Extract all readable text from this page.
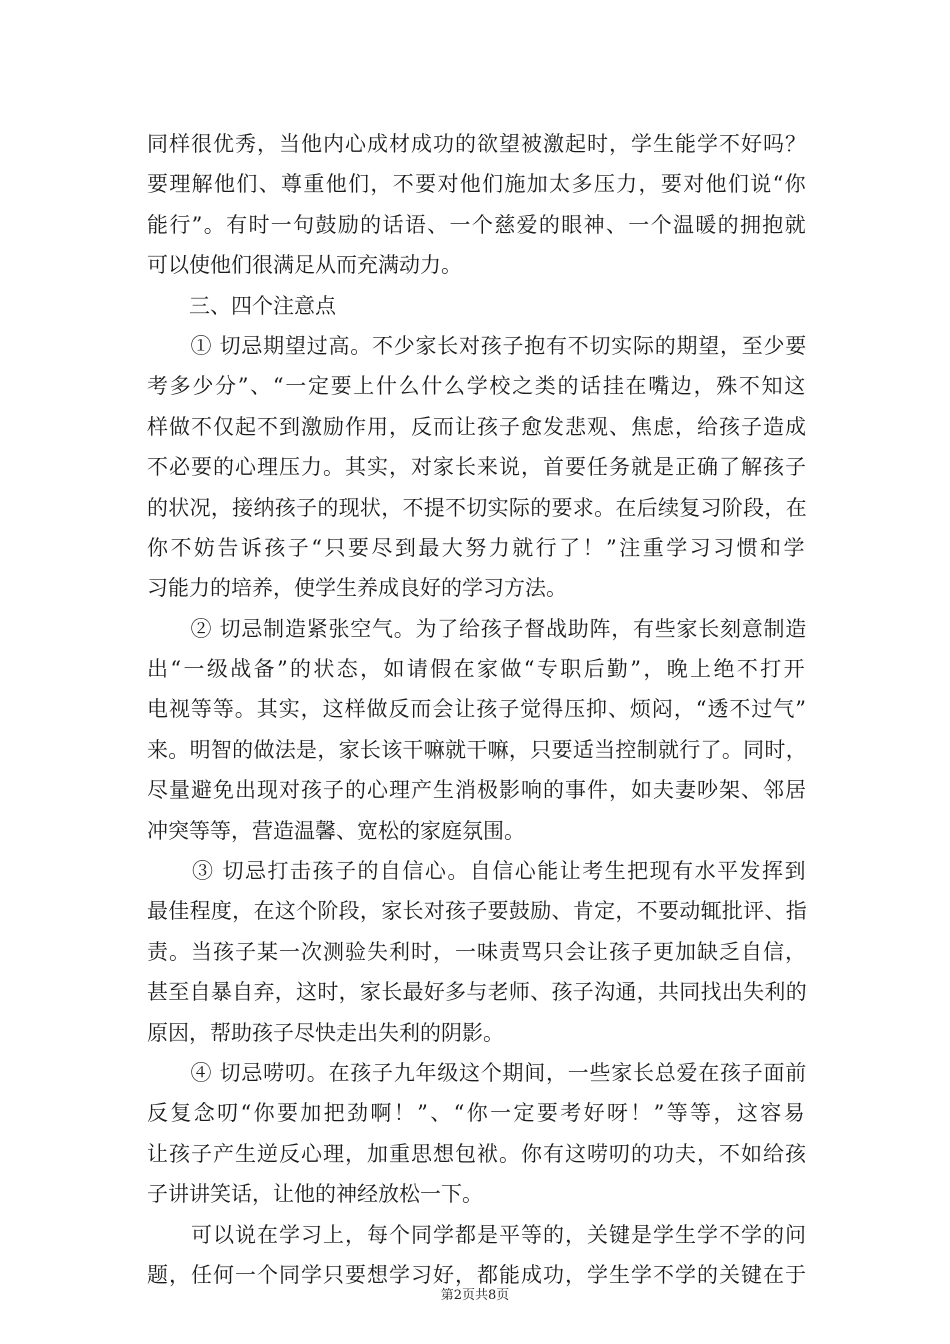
同样很优秀，当他内心成材成功的欲望被激起时，学生能学不好吗？
要理解他们、尊重他们，不要对他们施加太多压力，要对他们说“你
能行”。有时一句鼓励的话语、一个慈爱的眼神、一个温暖的拥抱就
可以使他们很满足从而充满动力。
　　三、四个注意点
　　① 切忌期望过高。不少家长对孩子抱有不切实际的期望，至少要
考多少分”、“一定要上什么什么学校之类的话挂在嘴边，殊不知这
样做不仅起不到激励作用，反而让孩子愈发悲观、焦虑，给孩子造成
不必要的心理压力。其实，对家长来说，首要任务就是正确了解孩子
的状况，接纳孩子的现状，不提不切实际的要求。在后续复习阶段，在
你不妨告诉孩子“只要尽到最大努力就行了！”注重学习习惯和学
习能力的培养，使学生养成良好的学习方法。
　　② 切忌制造紧张空气。为了给孩子督战助阵，有些家长刻意制造
出“一级战备”的状态，如请假在家做“专职后勤”，晚上绝不打开
电视等等。其实，这样做反而会让孩子觉得压抑、烦闷，“透不过气”
来。明智的做法是，家长该干嘛就干嘛，只要适当控制就行了。同时，
尽量避免出现对孩子的心理产生消极影响的事件，如夫妻吵架、邻居
冲突等等，营造温馨、宽松的家庭氛围。
　　③ 切忌打击孩子的自信心。自信心能让考生把现有水平发挥到
最佳程度，在这个阶段，家长对孩子要鼓励、肯定，不要动辄批评、指
责。当孩子某一次测验失利时，一味责骂只会让孩子更加缺乏自信，
甚至自暴自弃，这时，家长最好多与老师、孩子沟通，共同找出失利的
原因，帮助孩子尽快走出失利的阴影。
　　④ 切忌唠叨。在孩子九年级这个期间，一些家长总爱在孩子面前
反复念叨“你要加把劲啊！”、“你一定要考好呀！”等等，这容易
让孩子产生逆反心理，加重思想包袱。你有这唠叨的功夫，不如给孩
子讲讲笑话，让他的神经放松一下。
　　可以说在学习上，每个同学都是平等的，关键是学生学不学的问
题，任何一个同学只要想学习好，都能成功，学生学不学的关键在于
第2页共8页
